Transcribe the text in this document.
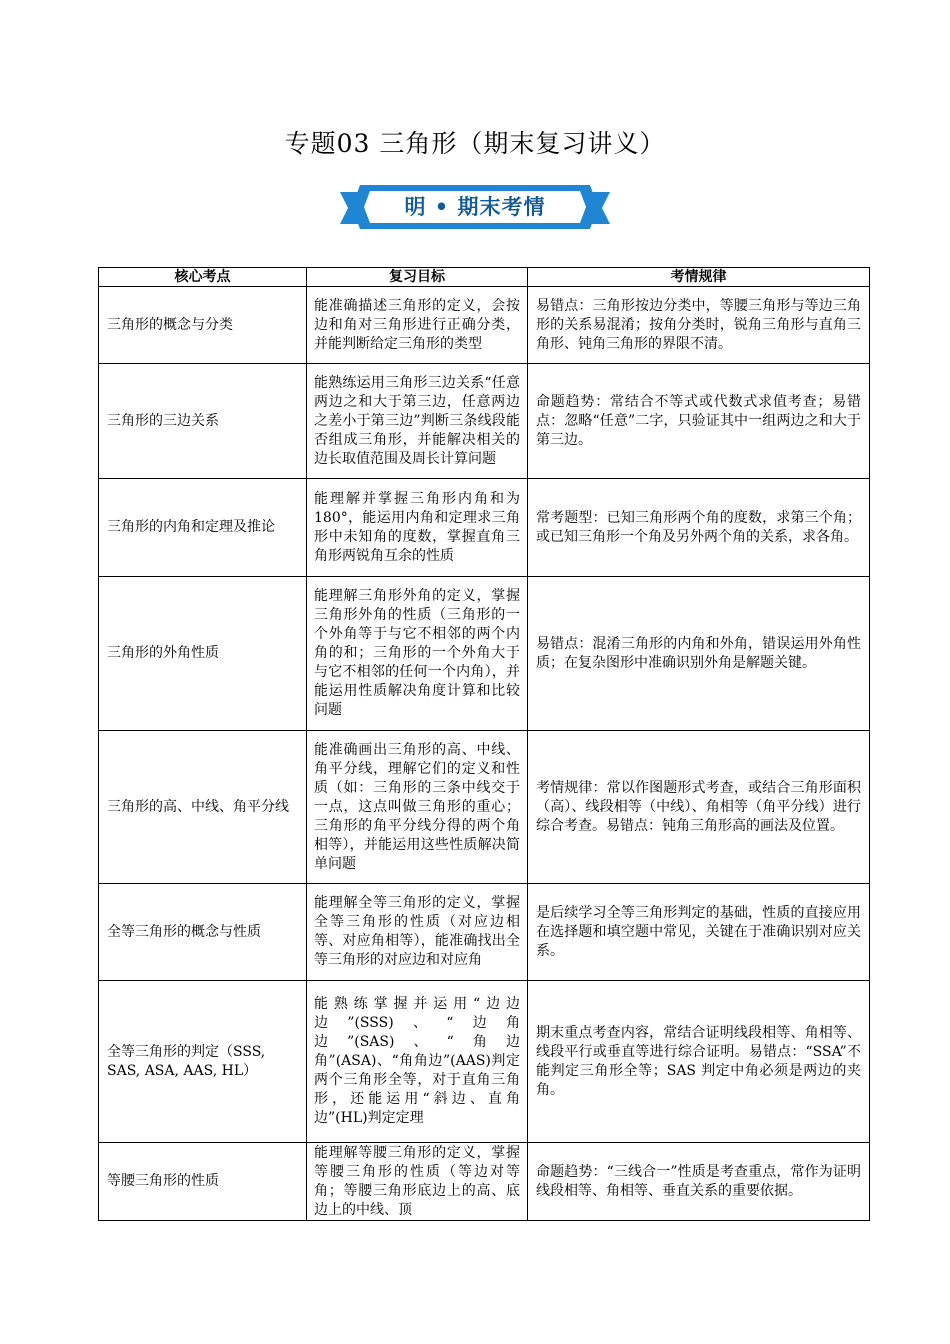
专题03 三角形（期末复习讲义）
明 • 期末考情
核心考点	复习目标	考情规律
三角形的概念与分类	能准确描述三角形的定义，会按边和角对三角形进行正确分类，并能判断给定三角形的类型	易错点：三角形按边分类中，等腰三角形与等边三角形的关系易混淆；按角分类时，锐角三角形与直角三角形、钝角三角形的界限不清。
三角形的三边关系	能熟练运用三角形三边关系“任意两边之和大于第三边，任意两边之差小于第三边”判断三条线段能否组成三角形，并能解决相关的边长取值范围及周长计算问题	命题趋势：常结合不等式或代数式求值考查；易错点：忽略“任意”二字，只验证其中一组两边之和大于第三边。
三角形的内角和定理及推论	能理解并掌握三角形内角和为 180°，能运用内角和定理求三角形中未知角的度数，掌握直角三角形两锐角互余的性质	常考题型：已知三角形两个角的度数，求第三个角；或已知三角形一个角及另外两个角的关系，求各角。
三角形的外角性质	能理解三角形外角的定义，掌握三角形外角的性质（三角形的一个外角等于与它不相邻的两个内角的和；三角形的一个外角大于与它不相邻的任何一个内角），并能运用性质解决角度计算和比较问题	易错点：混淆三角形的内角和外角，错误运用外角性质；在复杂图形中准确识别外角是解题关键。
三角形的高、中线、角平分线	能准确画出三角形的高、中线、角平分线，理解它们的定义和性质（如：三角形的三条中线交于一点，这点叫做三角形的重心；三角形的角平分线分得的两个角相等），并能运用这些性质解决简单问题	考情规律：常以作图题形式考查，或结合三角形面积（高）、线段相等（中线）、角相等（角平分线）进行综合考查。易错点：钝角三角形高的画法及位置。
全等三角形的概念与性质	能理解全等三角形的定义，掌握全等三角形的性质（对应边相等、对应角相等），能准确找出全等三角形的对应边和对应角	是后续学习全等三角形判定的基础，性质的直接应用在选择题和填空题中常见，关键在于准确识别对应关系。
全等三角形的判定（SSS, SAS, ASA, AAS, HL）	能熟练掌握并运用“边边边”(SSS)、“边角边”(SAS)、“角边角”(ASA)、“角角边”(AAS)判定两个三角形全等，对于直角三角形，还能运用“斜边、直角边”(HL)判定定理	期末重点考查内容，常结合证明线段相等、角相等、线段平行或垂直等进行综合证明。易错点：“SSA”不能判定三角形全等；SAS 判定中角必须是两边的夹角。
等腰三角形的性质	能理解等腰三角形的定义，掌握等腰三角形的性质（等边对等角；等腰三角形底边上的高、底边上的中线、顶	命题趋势：“三线合一”性质是考查重点，常作为证明线段相等、角相等、垂直关系的重要依据。
